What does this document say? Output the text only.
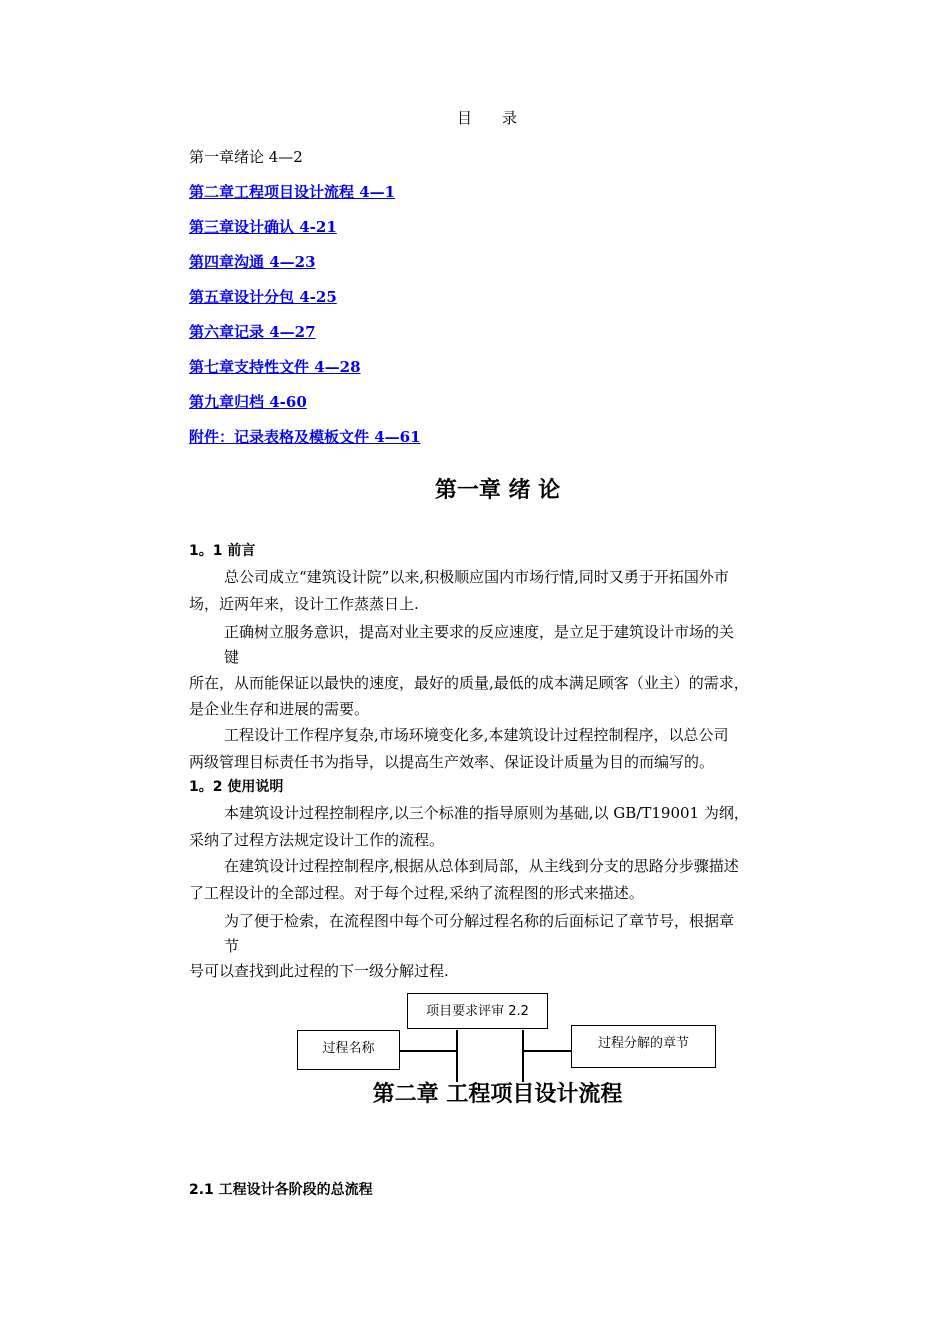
目　　录
第一章绪论 4—2
第二章工程项目设计流程 4—1
第三章设计确认 4-21
第四章沟通 4—23
第五章设计分包 4-25
第六章记录 4—27
第七章支持性文件 4—28
第九章归档 4-60
附件：记录表格及模板文件 4—61
第一章 绪 论
1。1 前言
总公司成立“建筑设计院”以来,积极顺应国内市场行情,同时又勇于开拓国外市
场，近两年来，设计工作蒸蒸日上.
正确树立服务意识，提高对业主要求的反应速度，是立足于建筑设计市场的关
键
所在，从而能保证以最快的速度，最好的质量,最低的成本满足顾客（业主）的需求，
是企业生存和进展的需要。
工程设计工作程序复杂,市场环境变化多,本建筑设计过程控制程序，以总公司
两级管理目标责任书为指导，以提高生产效率、保证设计质量为目的而编写的。
1。2 使用说明
本建筑设计过程控制程序,以三个标准的指导原则为基础,以 GB/T19001 为纲，
采纳了过程方法规定设计工作的流程。
在建筑设计过程控制程序,根据从总体到局部，从主线到分支的思路分步骤描述
了工程设计的全部过程。对于每个过程,采纳了流程图的形式来描述。
为了便于检索，在流程图中每个可分解过程名称的后面标记了章节号，根据章
节
号可以查找到此过程的下一级分解过程.
项目要求评审 2.2
过程名称	过程分解的章节
第二章 工程项目设计流程
2.1 工程设计各阶段的总流程
